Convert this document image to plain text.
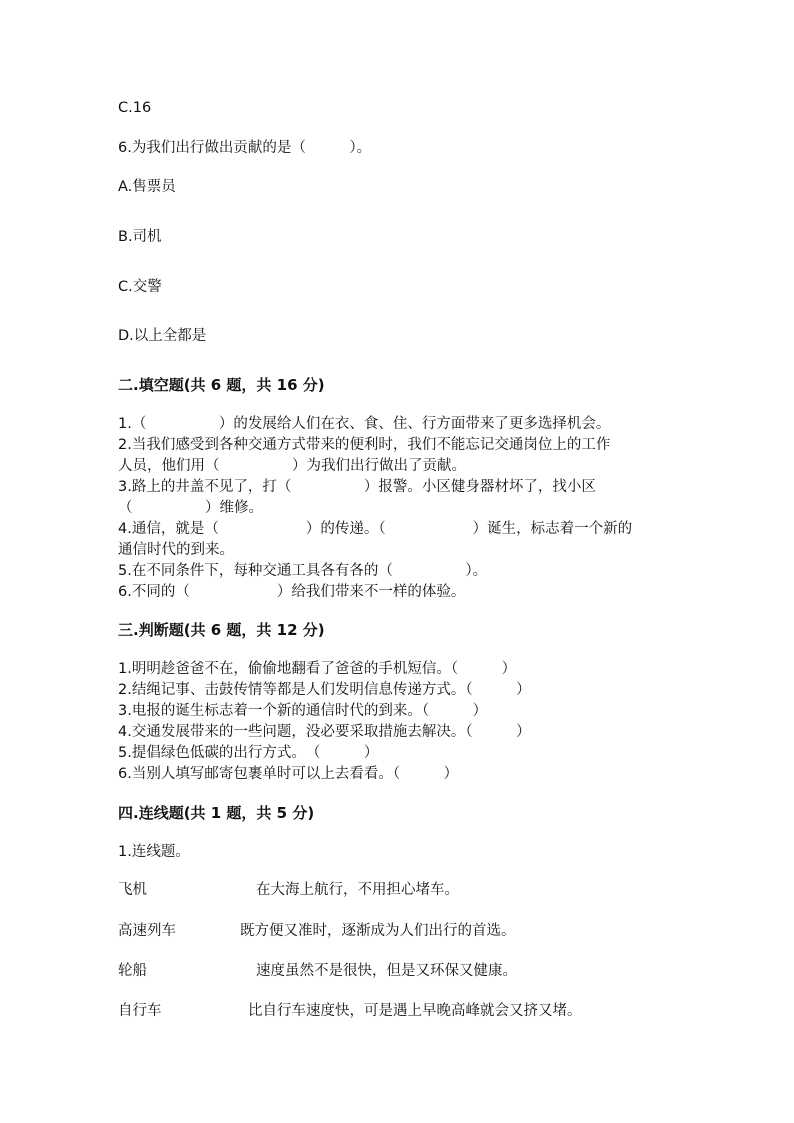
C.16
6.为我们出行做出贡献的是（　　　）。
A.售票员
B.司机
C.交警
D.以上全都是
二.填空题(共 6 题，共 16 分)
1.（　　　　　）的发展给人们在衣、食、住、行方面带来了更多选择机会。
2.当我们感受到各种交通方式带来的便利时，我们不能忘记交通岗位上的工作
人员，他们用（　　　　　）为我们出行做出了贡献。
3.路上的井盖不见了，打（　　　　　）报警。小区健身器材坏了，找小区
（　　　　　）维修。
4.通信，就是（　　　　　　）的传递。（　　　　　　）诞生，标志着一个新的
通信时代的到来。
5.在不同条件下，每种交通工具各有各的（　　　　　）。
6.不同的（　　　　　　）给我们带来不一样的体验。
三.判断题(共 6 题，共 12 分)
1.明明趁爸爸不在，偷偷地翻看了爸爸的手机短信。（　　　）
2.结绳记事、击鼓传情等都是人们发明信息传递方式。（　　　）
3.电报的诞生标志着一个新的通信时代的到来。（　　　）
4.交通发展带来的一些问题，没必要采取措施去解决。（　　　）
5.提倡绿色低碳的出行方式。　（　　　）
6.当别人填写邮寄包裹单时可以上去看看。（　　　）
四.连线题(共 1 题，共 5 分)
1.连线题。
飞机	在大海上航行，不用担心堵车。
高速列车	既方便又准时，逐渐成为人们出行的首选。
轮船	速度虽然不是很快，但是又环保又健康。
自行车	比自行车速度快，可是遇上早晚高峰就会又挤又堵。
